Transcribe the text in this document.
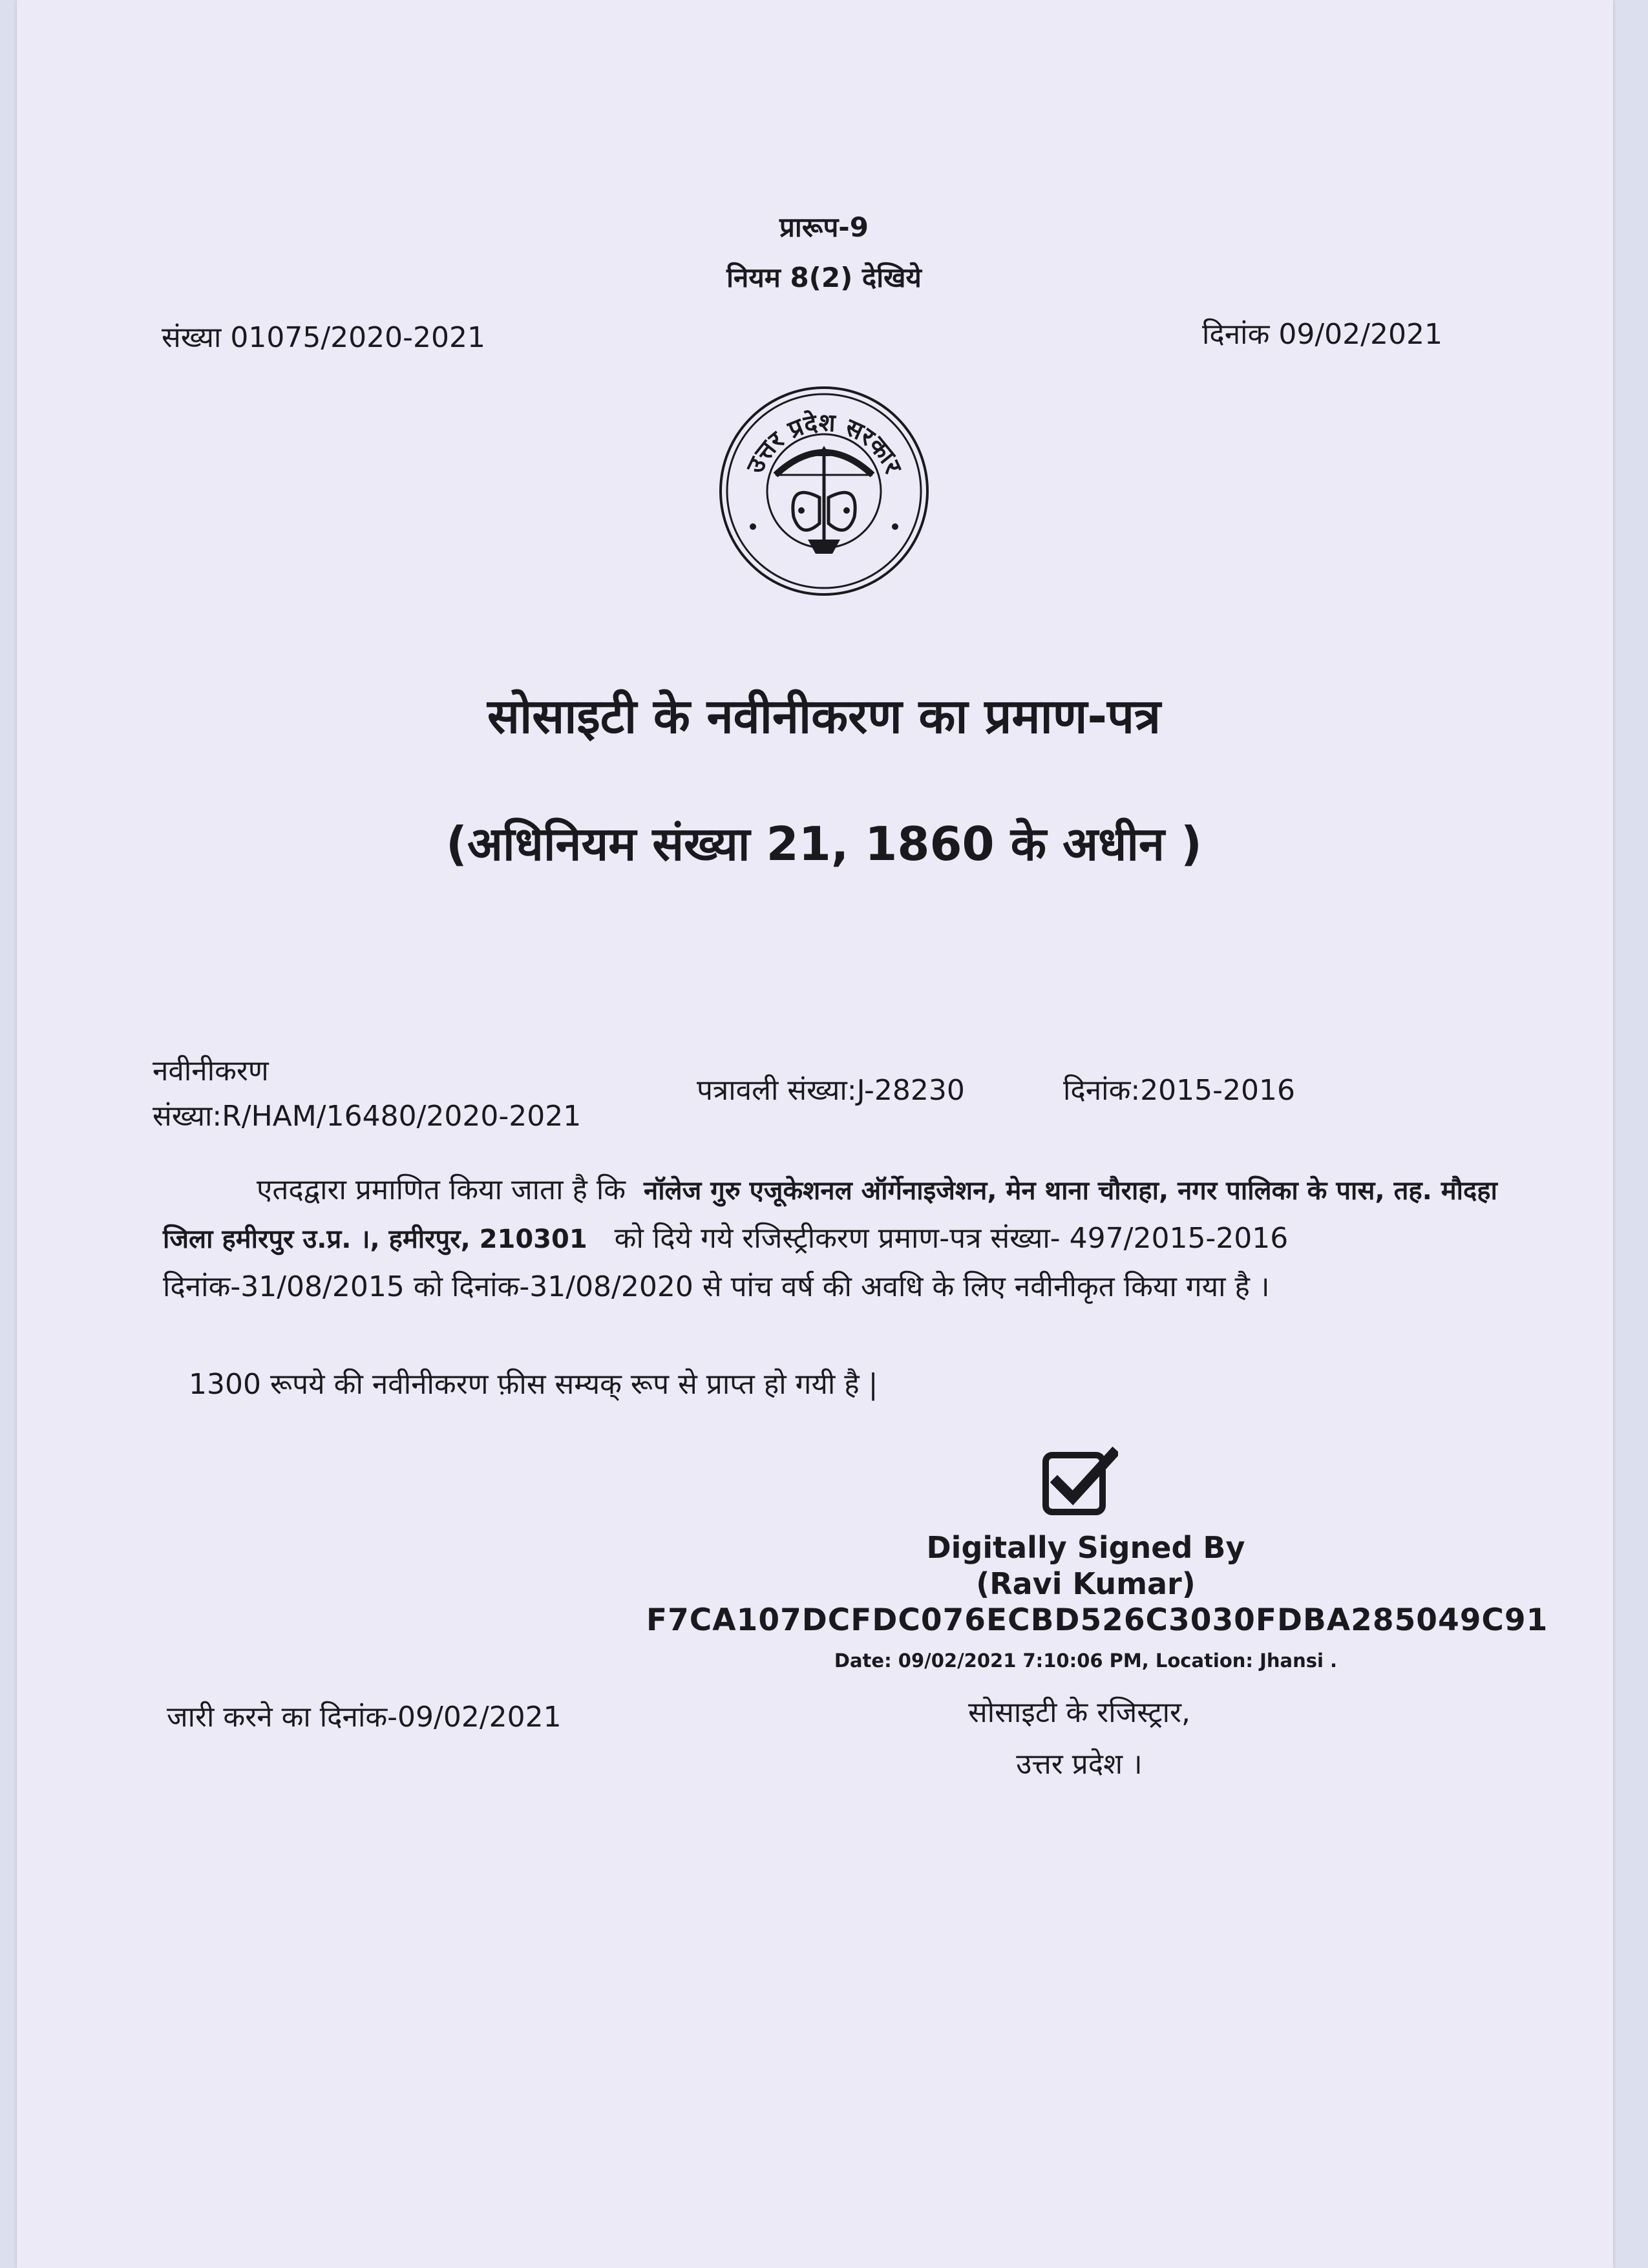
प्रारूप-9
नियम 8(2) देखिये
संख्या 01075/2020-2021	दिनांक 09/02/2021
उत्तर प्रदेश सरकार
सोसाइटी के नवीनीकरण का प्रमाण-पत्र
(अधिनियम संख्या 21, 1860 के अधीन )
नवीनीकरण
संख्या:R/HAM/16480/2020-2021
पत्रावली संख्या:J-28230	दिनांक:2015-2016
एतदद्वारा प्रमाणित किया जाता है कि नॉलेज गुरु एजूकेशनल ऑर्गेनाइजेशन, मेन थाना चौराहा, नगर पालिका के पास, तह. मौदहा जिला हमीरपुर उ.प्र. ।, हमीरपुर, 210301 को दिये गये रजिस्ट्रीकरण प्रमाण-पत्र संख्या- 497/2015-2016 दिनांक-31/08/2015 को दिनांक-31/08/2020 से पांच वर्ष की अवधि के लिए नवीनीकृत किया गया है ।
1300 रूपये की नवीनीकरण फ़ीस सम्यक् रूप से प्राप्त हो गयी है |
Digitally Signed By
(Ravi Kumar)
F7CA107DCFDC076ECBD526C3030FDBA285049C91
Date: 09/02/2021 7:10:06 PM, Location: Jhansi .
जारी करने का दिनांक-09/02/2021	सोसाइटी के रजिस्ट्रार,
उत्तर प्रदेश ।
